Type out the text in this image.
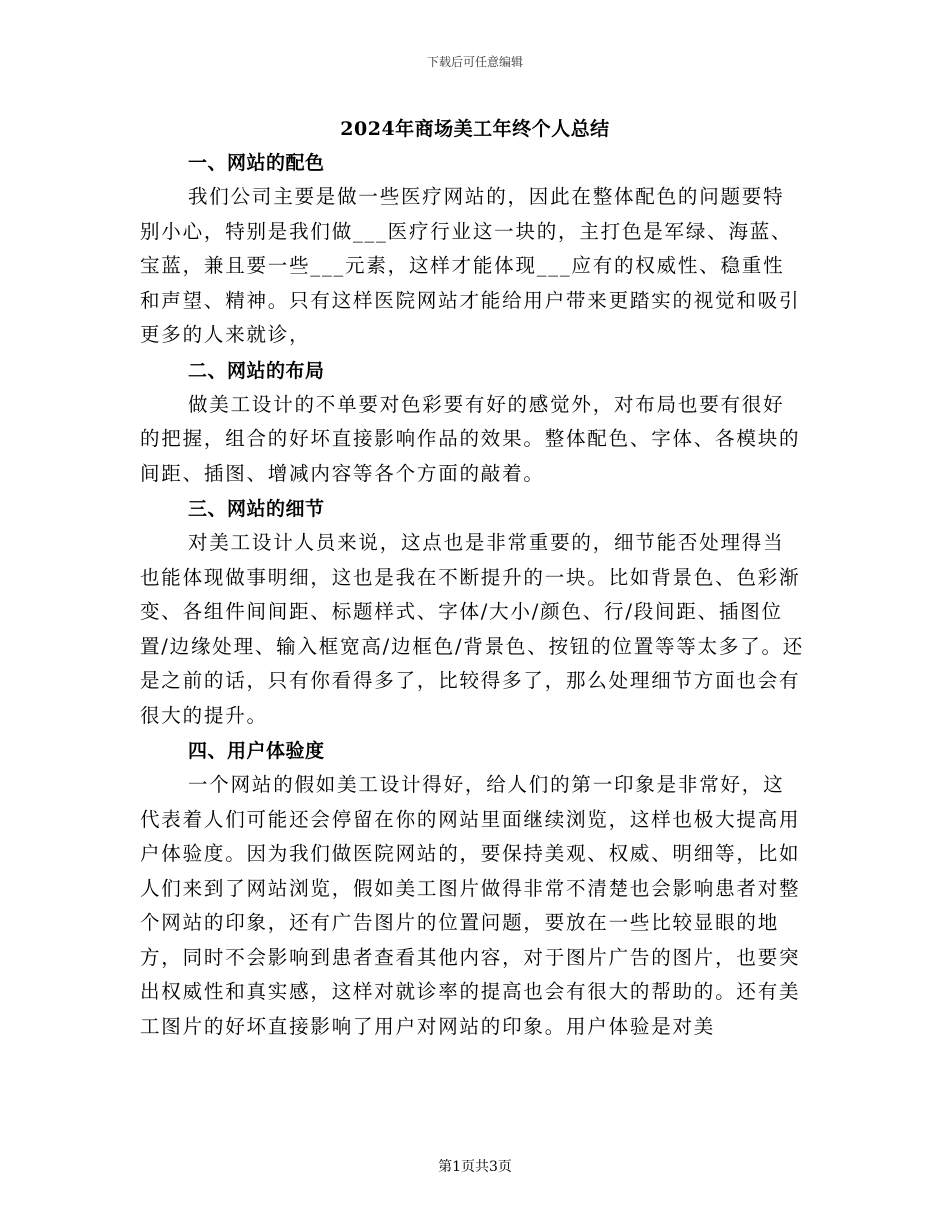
下载后可任意编辑
2024年商场美工年终个人总结
一、网站的配色

我们公司主要是做一些医疗网站的，因此在整体配色的问题要特别小心，特别是我们做___医疗行业这一块的，主打色是军绿、海蓝、宝蓝，兼且要一些___元素，这样才能体现___应有的权威性、稳重性和声望、精神。只有这样医院网站才能给用户带来更踏实的视觉和吸引更多的人来就诊，

二、网站的布局

做美工设计的不单要对色彩要有好的感觉外，对布局也要有很好的把握，组合的好坏直接影响作品的效果。整体配色、字体、各模块的间距、插图、增减内容等各个方面的敲着。

三、网站的细节

对美工设计人员来说，这点也是非常重要的，细节能否处理得当也能体现做事明细，这也是我在不断提升的一块。比如背景色、色彩渐变、各组件间间距、标题样式、字体/大小/颜色、行/段间距、插图位置/边缘处理、输入框宽高/边框色/背景色、按钮的位置等等太多了。还是之前的话，只有你看得多了，比较得多了，那么处理细节方面也会有很大的提升。

四、用户体验度

一个网站的假如美工设计得好，给人们的第一印象是非常好，这代表着人们可能还会停留在你的网站里面继续浏览，这样也极大提高用户体验度。因为我们做医院网站的，要保持美观、权威、明细等，比如人们来到了网站浏览，假如美工图片做得非常不清楚也会影响患者对整个网站的印象，还有广告图片的位置问题，要放在一些比较显眼的地方，同时不会影响到患者查看其他内容，对于图片广告的图片，也要突出权威性和真实感，这样对就诊率的提高也会有很大的帮助的。还有美工图片的好坏直接影响了用户对网站的印象。用户体验是对美

第1页共3页
